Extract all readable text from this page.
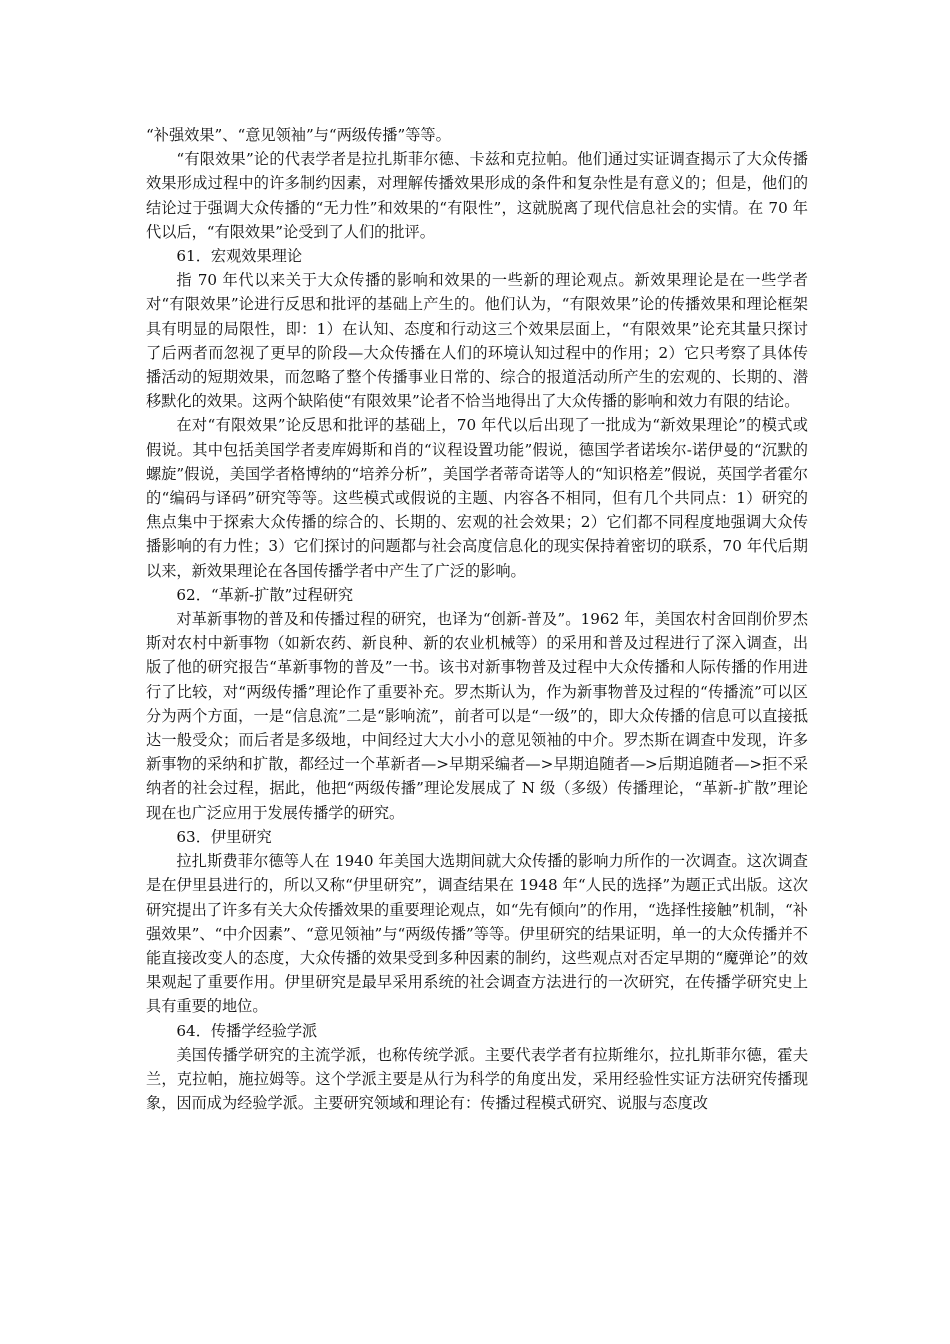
“补强效果”、“意见领袖”与“两级传播”等等。

“有限效果”论的代表学者是拉扎斯菲尔德、卡兹和克拉帕。他们通过实证调查揭示了大众传播效果形成过程中的许多制约因素，对理解传播效果形成的条件和复杂性是有意义的；但是，他们的结论过于强调大众传播的“无力性”和效果的“有限性”，这就脱离了现代信息社会的实情。在 70 年代以后，“有限效果”论受到了人们的批评。

61．宏观效果理论

指 70 年代以来关于大众传播的影响和效果的一些新的理论观点。新效果理论是在一些学者对“有限效果”论进行反思和批评的基础上产生的。他们认为，“有限效果”论的传播效果和理论框架具有明显的局限性，即：1）在认知、态度和行动这三个效果层面上，“有限效果”论充其量只探讨了后两者而忽视了更早的阶段—大众传播在人们的环境认知过程中的作用；2）它只考察了具体传播活动的短期效果，而忽略了整个传播事业日常的、综合的报道活动所产生的宏观的、长期的、潜移默化的效果。这两个缺陷使“有限效果”论者不恰当地得出了大众传播的影响和效力有限的结论。

在对“有限效果”论反思和批评的基础上，70 年代以后出现了一批成为“新效果理论”的模式或假说。其中包括美国学者麦库姆斯和肖的“议程设置功能”假说，德国学者诺埃尔-诺伊曼的“沉默的螺旋”假说，美国学者格博纳的“培养分析”，美国学者蒂奇诺等人的“知识格差”假说，英国学者霍尔的“编码与译码”研究等等。这些模式或假说的主题、内容各不相同，但有几个共同点：1）研究的焦点集中于探索大众传播的综合的、长期的、宏观的社会效果；2）它们都不同程度地强调大众传播影响的有力性；3）它们探讨的问题都与社会高度信息化的现实保持着密切的联系，70 年代后期以来，新效果理论在各国传播学者中产生了广泛的影响。

62．“革新-扩散”过程研究

对革新事物的普及和传播过程的研究，也译为“创新-普及”。1962 年，美国农村舍回削价罗杰斯对农村中新事物（如新农药、新良种、新的农业机械等）的采用和普及过程进行了深入调查，出版了他的研究报告“革新事物的普及”一书。该书对新事物普及过程中大众传播和人际传播的作用进行了比较，对“两级传播”理论作了重要补充。罗杰斯认为，作为新事物普及过程的“传播流”可以区分为两个方面，一是“信息流”二是“影响流”，前者可以是“一级”的，即大众传播的信息可以直接抵达一般受众；而后者是多级地，中间经过大大小小的意见领袖的中介。罗杰斯在调查中发现，许多新事物的采纳和扩散，都经过一个革新者—>早期采编者—>早期追随者—>后期追随者—>拒不采纳者的社会过程，据此，他把“两级传播”理论发展成了 N 级（多级）传播理论，“革新-扩散”理论现在也广泛应用于发展传播学的研究。

63．伊里研究

拉扎斯费菲尔德等人在 1940 年美国大选期间就大众传播的影响力所作的一次调查。这次调查是在伊里县进行的，所以又称“伊里研究”，调查结果在 1948 年“人民的选择”为题正式出版。这次研究提出了许多有关大众传播效果的重要理论观点，如“先有倾向”的作用，“选择性接触”机制，“补强效果”、“中介因素”、“意见领袖”与“两级传播”等等。伊里研究的结果证明，单一的大众传播并不能直接改变人的态度，大众传播的效果受到多种因素的制约，这些观点对否定早期的“魔弹论”的效果观起了重要作用。伊里研究是最早采用系统的社会调查方法进行的一次研究，在传播学研究史上具有重要的地位。

64．传播学经验学派

美国传播学研究的主流学派，也称传统学派。主要代表学者有拉斯维尔，拉扎斯菲尔德，霍夫兰，克拉帕，施拉姆等。这个学派主要是从行为科学的角度出发，采用经验性实证方法研究传播现象，因而成为经验学派。主要研究领域和理论有：传播过程模式研究、说服与态度改
